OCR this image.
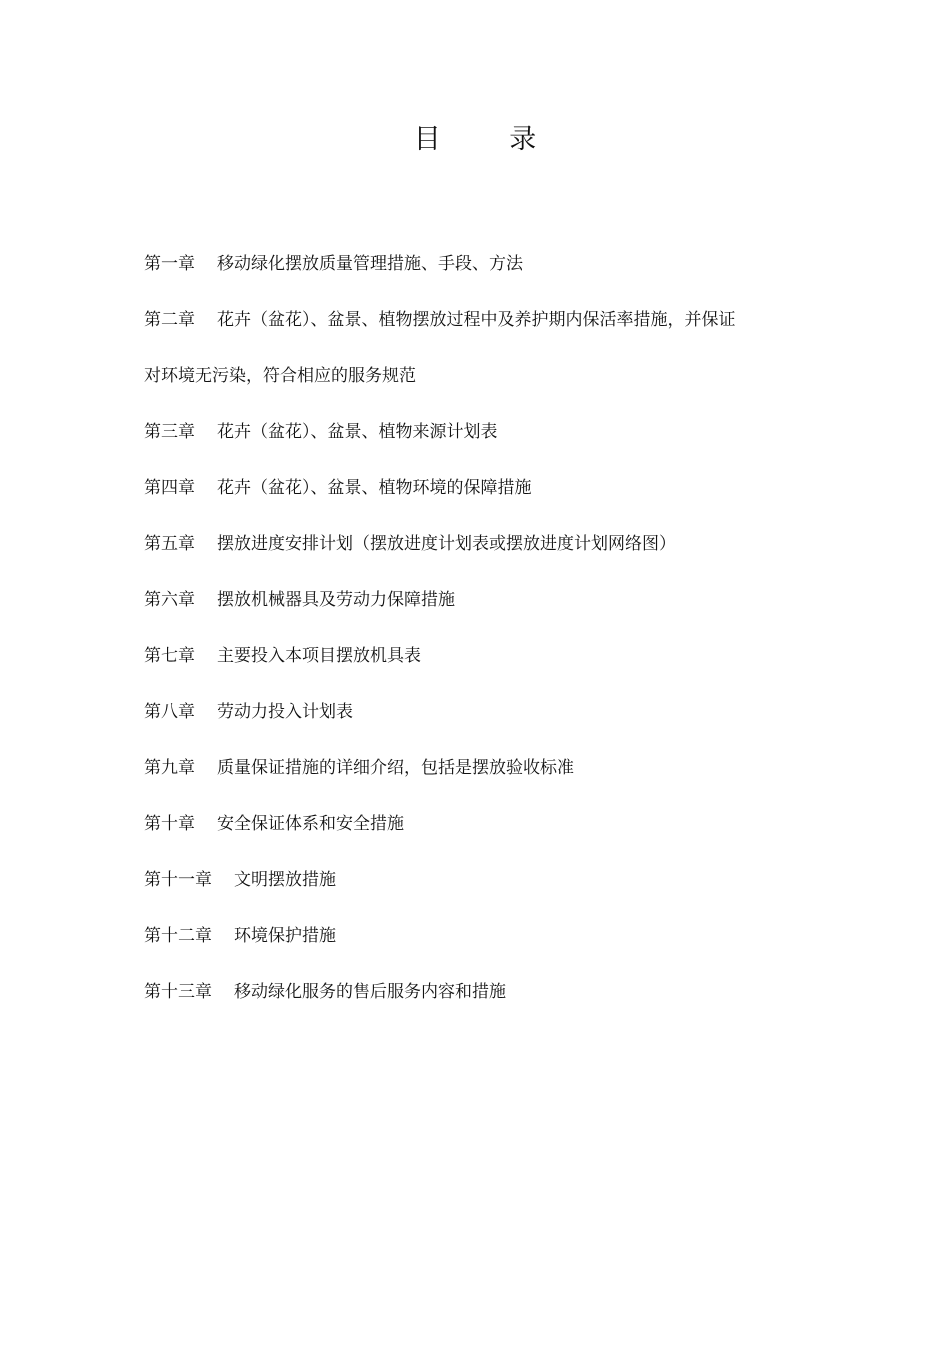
目 录
第一章 移动绿化摆放质量管理措施、手段、方法
第二章 花卉（盆花）、盆景、植物摆放过程中及养护期内保活率措施，并保证
对环境无污染，符合相应的服务规范
第三章 花卉（盆花）、盆景、植物来源计划表
第四章 花卉（盆花）、盆景、植物环境的保障措施
第五章 摆放进度安排计划（摆放进度计划表或摆放进度计划网络图）
第六章 摆放机械器具及劳动力保障措施
第七章 主要投入本项目摆放机具表
第八章 劳动力投入计划表
第九章 质量保证措施的详细介绍，包括是摆放验收标准
第十章 安全保证体系和安全措施
第十一章 文明摆放措施
第十二章 环境保护措施
第十三章 移动绿化服务的售后服务内容和措施
